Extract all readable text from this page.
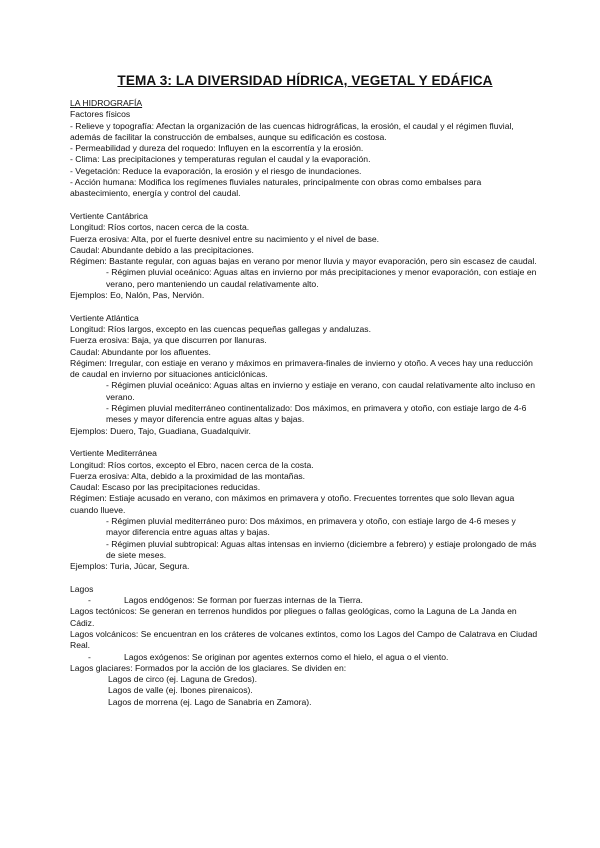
TEMA 3: LA DIVERSIDAD HÍDRICA, VEGETAL Y EDÁFICA
LA HIDROGRAFÍA
Factores físicos
- Relieve y topografía: Afectan la organización de las cuencas hidrográficas, la erosión, el caudal y el régimen fluvial, además de facilitar la construcción de embalses, aunque su edificación es costosa.
- Permeabilidad y dureza del roquedo: Influyen en la escorrentía y la erosión.
- Clima: Las precipitaciones y temperaturas regulan el caudal y la evaporación.
- Vegetación: Reduce la evaporación, la erosión y el riesgo de inundaciones.
- Acción humana: Modifica los regímenes fluviales naturales, principalmente con obras como embalses para abastecimiento, energía y control del caudal.
Vertiente Cantábrica
Longitud: Ríos cortos, nacen cerca de la costa.
Fuerza erosiva: Alta, por el fuerte desnivel entre su nacimiento y el nivel de base.
Caudal: Abundante debido a las precipitaciones.
Régimen: Bastante regular, con aguas bajas en verano por menor lluvia y mayor evaporación, pero sin escasez de caudal.
- Régimen pluvial oceánico: Aguas altas en invierno por más precipitaciones y menor evaporación, con estiaje en verano, pero manteniendo un caudal relativamente alto.
Ejemplos: Eo, Nalón, Pas, Nervión.
Vertiente Atlántica
Longitud: Ríos largos, excepto en las cuencas pequeñas gallegas y andaluzas.
Fuerza erosiva: Baja, ya que discurren por llanuras.
Caudal: Abundante por los afluentes.
Régimen: Irregular, con estiaje en verano y máximos en primavera-finales de invierno y otoño. A veces hay una reducción de caudal en invierno por situaciones anticiclónicas.
- Régimen pluvial oceánico: Aguas altas en invierno y estiaje en verano, con caudal relativamente alto incluso en verano.
- Régimen pluvial mediterráneo continentalizado: Dos máximos, en primavera y otoño, con estiaje largo de 4-6 meses y mayor diferencia entre aguas altas y bajas.
Ejemplos: Duero, Tajo, Guadiana, Guadalquivir.
Vertiente Mediterránea
Longitud: Ríos cortos, excepto el Ebro, nacen cerca de la costa.
Fuerza erosiva: Alta, debido a la proximidad de las montañas.
Caudal: Escaso por las precipitaciones reducidas.
Régimen: Estiaje acusado en verano, con máximos en primavera y otoño. Frecuentes torrentes que solo llevan agua cuando llueve.
- Régimen pluvial mediterráneo puro: Dos máximos, en primavera y otoño, con estiaje largo de 4-6 meses y mayor diferencia entre aguas altas y bajas.
- Régimen pluvial subtropical: Aguas altas intensas en invierno (diciembre a febrero) y estiaje prolongado de más de siete meses.
Ejemplos: Turia, Júcar, Segura.
Lagos
-	Lagos endógenos: Se forman por fuerzas internas de la Tierra.
Lagos tectónicos: Se generan en terrenos hundidos por pliegues o fallas geológicas, como la Laguna de La Janda en Cádiz.
Lagos volcánicos: Se encuentran en los cráteres de volcanes extintos, como los Lagos del Campo de Calatrava en Ciudad Real.
-	Lagos exógenos: Se originan por agentes externos como el hielo, el agua o el viento.
Lagos glaciares: Formados por la acción de los glaciares. Se dividen en:
Lagos de circo (ej. Laguna de Gredos).
Lagos de valle (ej. Ibones pirenaicos).
Lagos de morrena (ej. Lago de Sanabria en Zamora).
